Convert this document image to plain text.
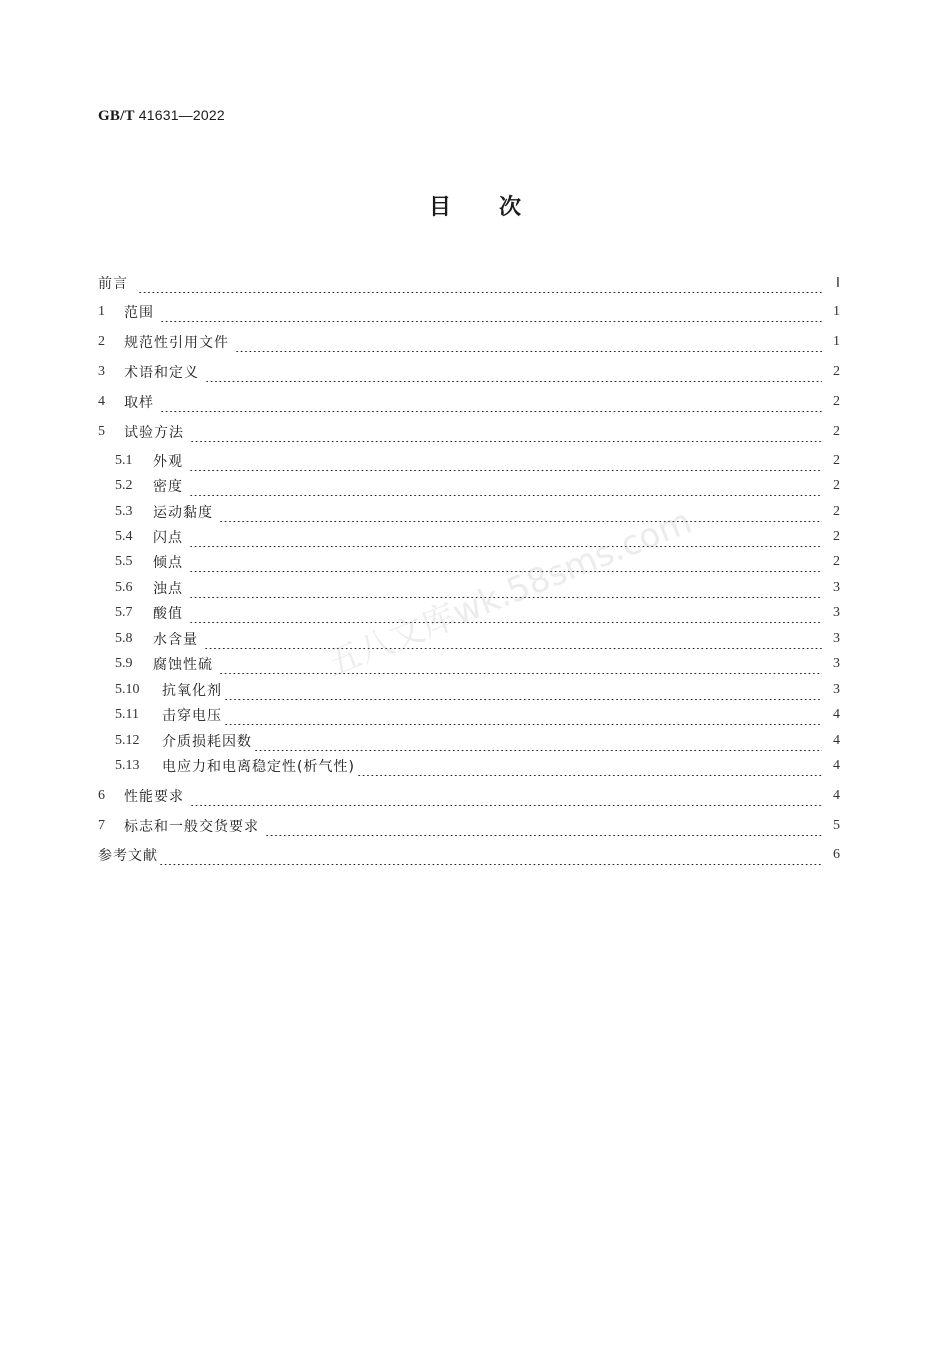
GB/T 41631—2022
目 次
前言	Ⅰ
1	范围	1
2	规范性引用文件	1
3	术语和定义	2
4	取样	2
5	试验方法	2
5.1	外观	2
5.2	密度	2
5.3	运动黏度	2
5.4	闪点	2
5.5	倾点	2
5.6	浊点	3
5.7	酸值	3
5.8	水含量	3
5.9	腐蚀性硫	3
5.10	抗氧化剂	3
5.11	击穿电压	4
5.12	介质损耗因数	4
5.13	电应力和电离稳定性(析气性)	4
6	性能要求	4
7	标志和一般交货要求	5
参考文献	6
